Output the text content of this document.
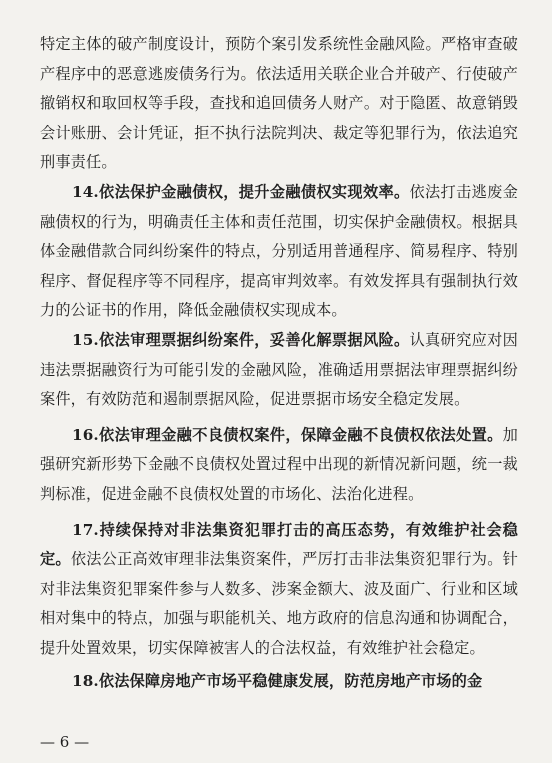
特定主体的破产制度设计，预防个案引发系统性金融风险。严格审查破产程序中的恶意逃废债务行为。依法适用关联企业合并破产、行使破产撤销权和取回权等手段，查找和追回债务人财产。对于隐匿、故意销毁会计账册、会计凭证，拒不执行法院判决、裁定等犯罪行为，依法追究刑事责任。

14.依法保护金融债权，提升金融债权实现效率。依法打击逃废金融债权的行为，明确责任主体和责任范围，切实保护金融债权。根据具体金融借款合同纠纷案件的特点，分别适用普通程序、简易程序、特别程序、督促程序等不同程序，提高审判效率。有效发挥具有强制执行效力的公证书的作用，降低金融债权实现成本。

15.依法审理票据纠纷案件，妥善化解票据风险。认真研究应对因违法票据融资行为可能引发的金融风险，准确适用票据法审理票据纠纷案件，有效防范和遏制票据风险，促进票据市场安全稳定发展。

16.依法审理金融不良债权案件，保障金融不良债权依法处置。加强研究新形势下金融不良债权处置过程中出现的新情况新问题，统一裁判标准，促进金融不良债权处置的市场化、法治化进程。

17.持续保持对非法集资犯罪打击的高压态势，有效维护社会稳定。依法公正高效审理非法集资案件，严厉打击非法集资犯罪行为。针对非法集资犯罪案件参与人数多、涉案金额大、波及面广、行业和区域相对集中的特点，加强与职能机关、地方政府的信息沟通和协调配合，提升处置效果，切实保障被害人的合法权益，有效维护社会稳定。

18.依法保障房地产市场平稳健康发展，防范房地产市场的金

— 6 —
